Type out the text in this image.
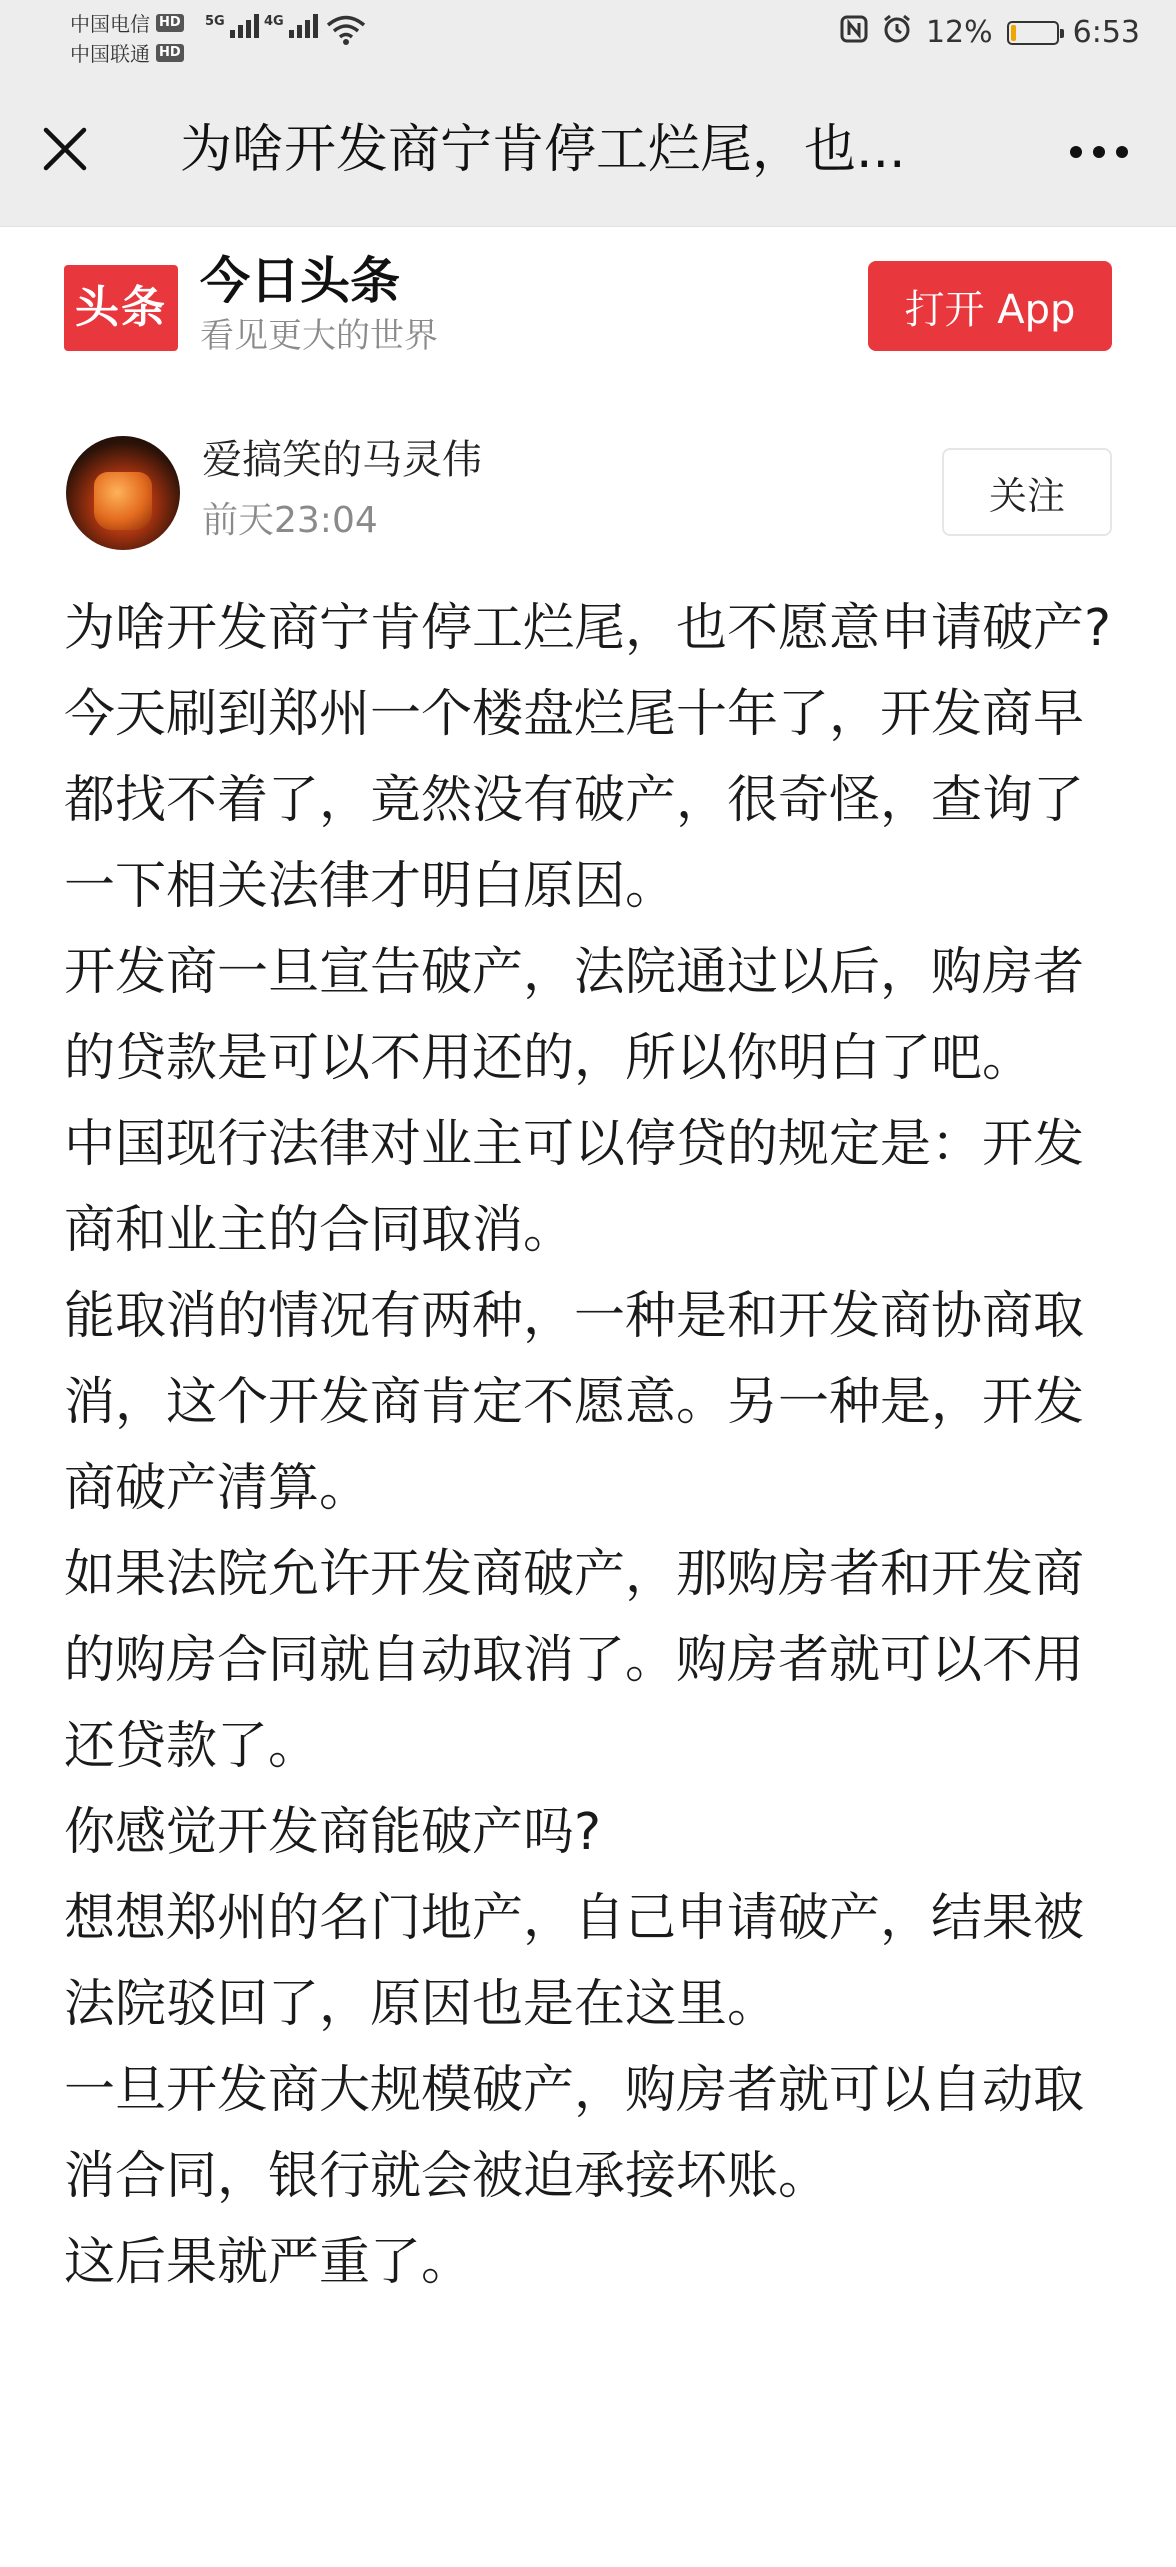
中国电信 HD
中国联通 HD
5G	4G	12%	6:53
为啥开发商宁肯停工烂尾，也...
头条 今日头条
看见更大的世界
打开 App
爱搞笑的马灵伟
前天23:04
关注

为啥开发商宁肯停工烂尾，也不愿意申请破产?

今天刷到郑州一个楼盘烂尾十年了，开发商早都找不着了，竟然没有破产，很奇怪，查询了一下相关法律才明白原因。

开发商一旦宣告破产，法院通过以后，购房者的贷款是可以不用还的，所以你明白了吧。

中国现行法律对业主可以停贷的规定是：开发商和业主的合同取消。

能取消的情况有两种，一种是和开发商协商取消，这个开发商肯定不愿意。另一种是，开发商破产清算。

如果法院允许开发商破产，那购房者和开发商的购房合同就自动取消了。购房者就可以不用还贷款了。

你感觉开发商能破产吗?

想想郑州的名门地产，自己申请破产，结果被法院驳回了，原因也是在这里。

一旦开发商大规模破产，购房者就可以自动取消合同，银行就会被迫承接坏账。

这后果就严重了。
